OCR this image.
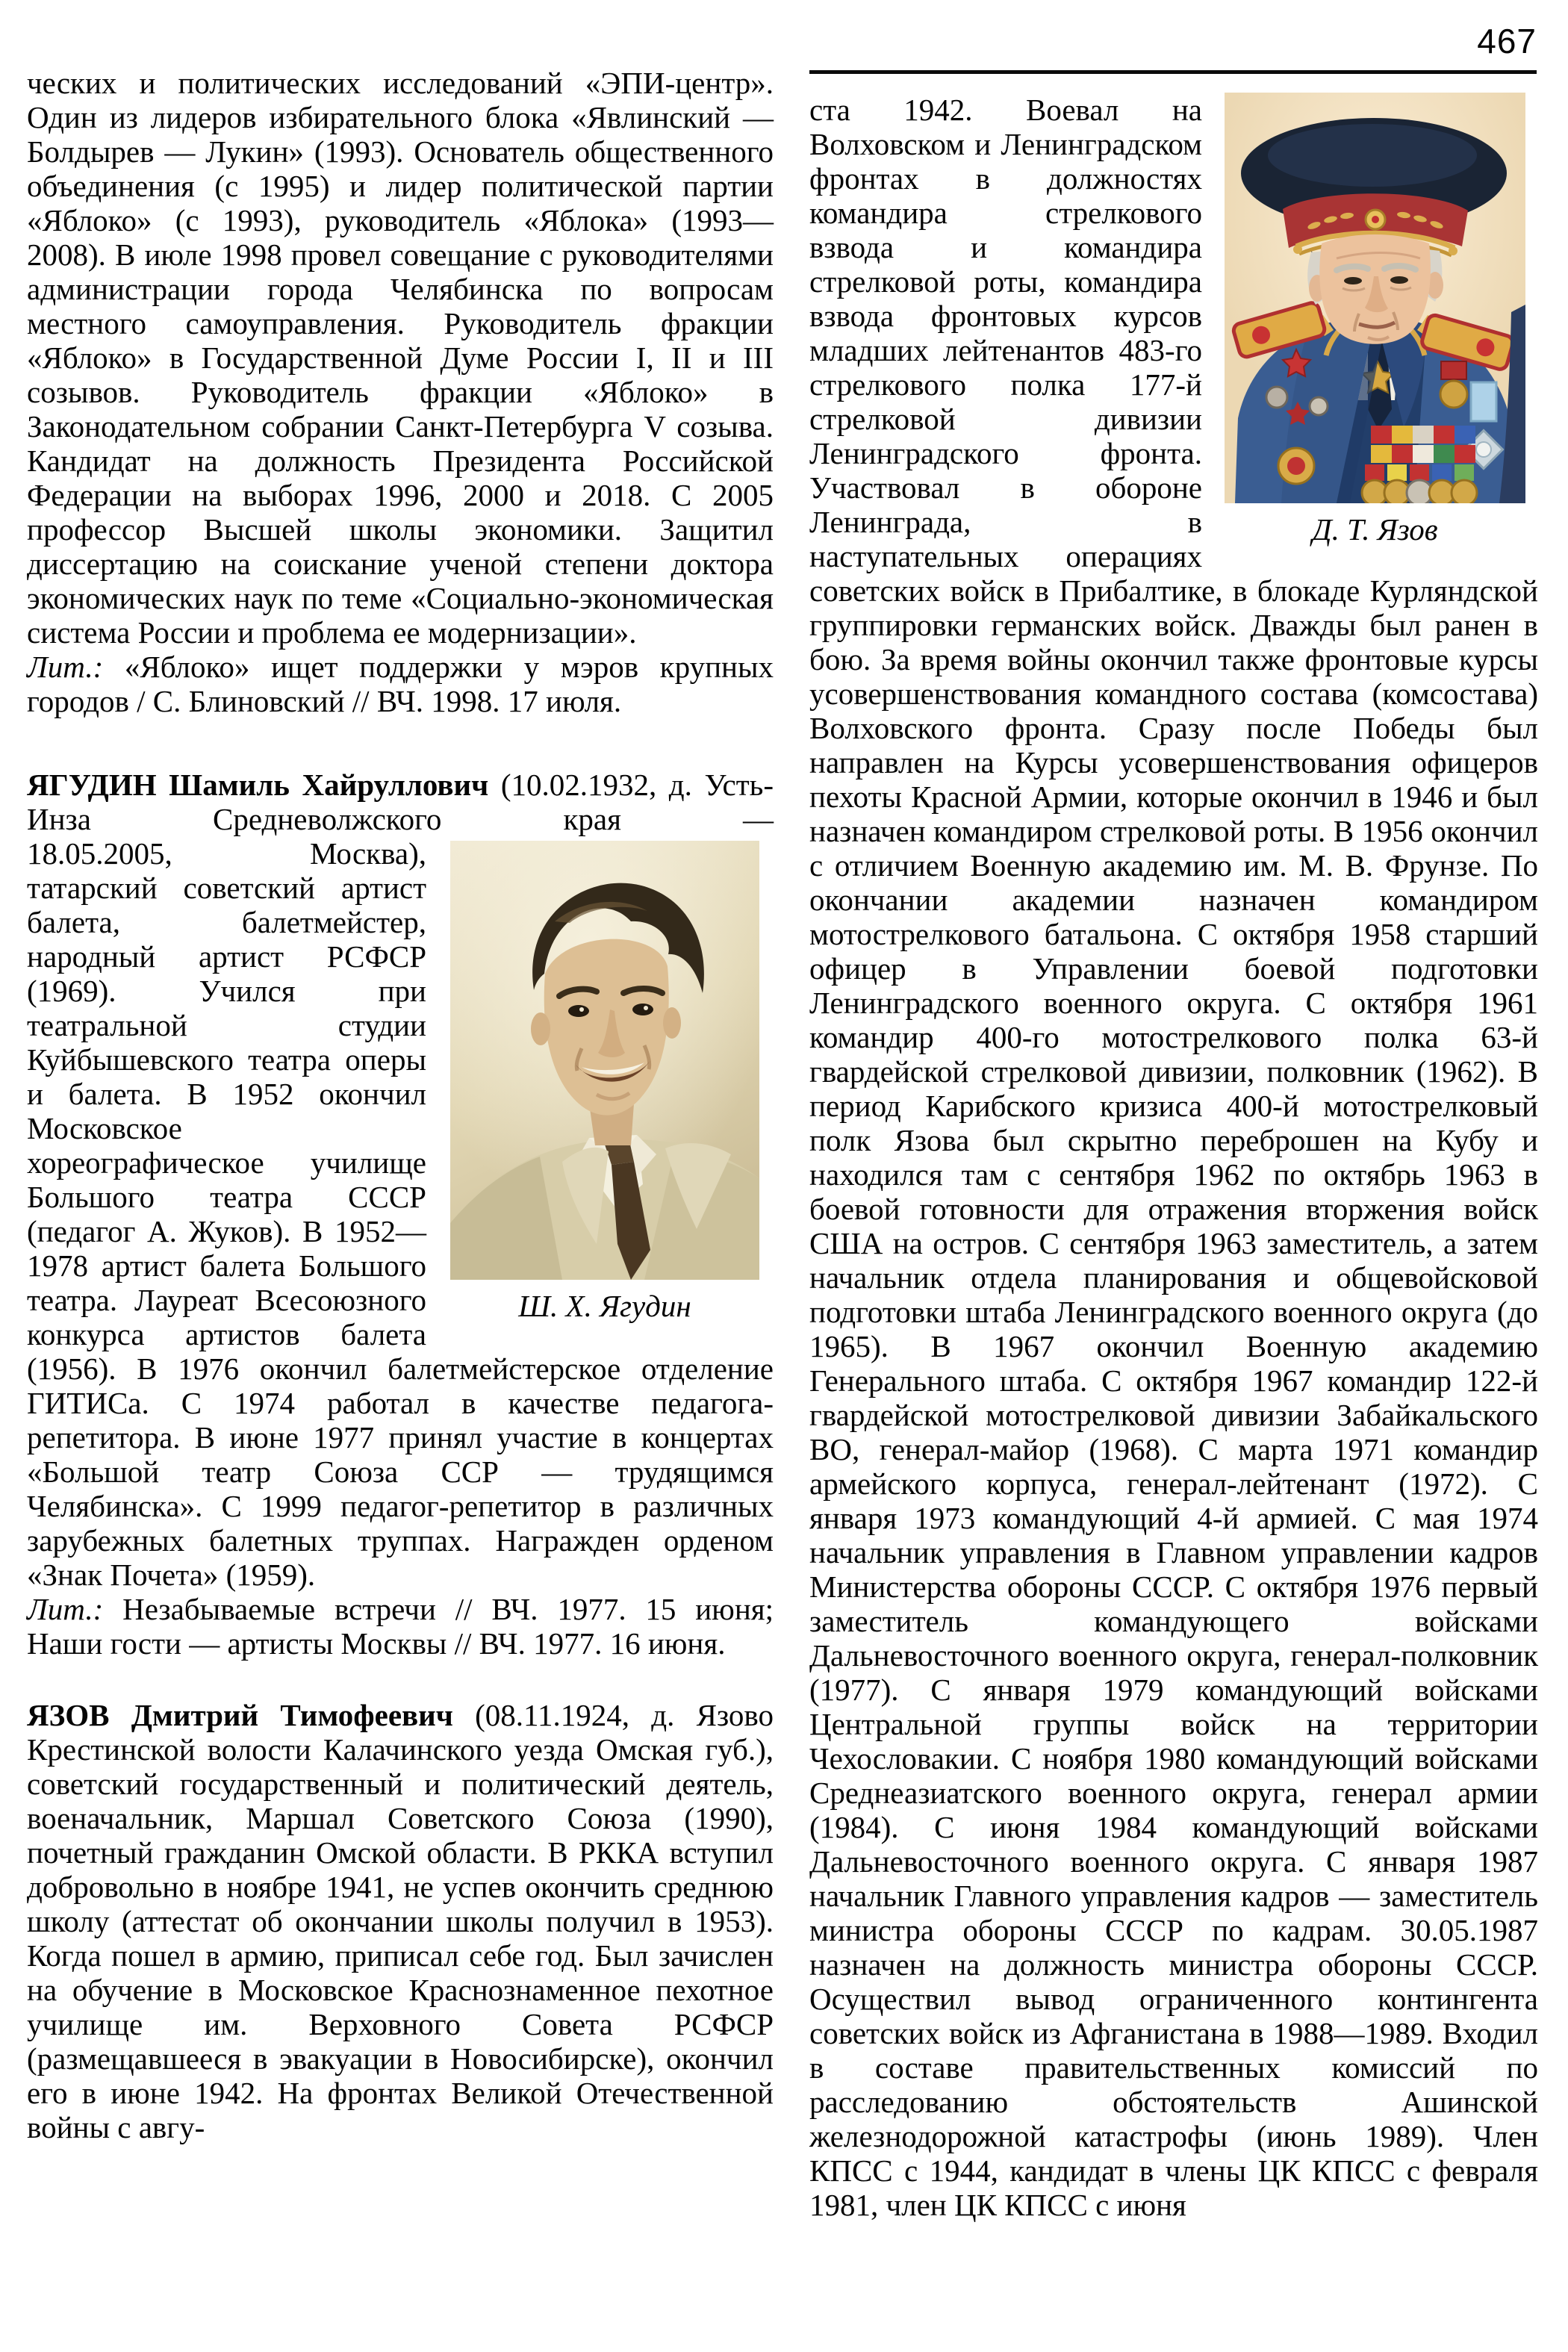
467

ческих и политических исследований «ЭПИ-центр». Один из лидеров избирательного блока «Явлинский — Болдырев — Лукин» (1993). Основатель общественного объединения (с 1995) и лидер политической партии «Яблоко» (с 1993), руководитель «Яблока» (1993—2008). В июле 1998 провел совещание с руководителями администрации города Челябинска по вопросам местного самоуправления. Руководитель фракции «Яблоко» в Государственной Думе России I, II и III созывов. Руководитель фракции «Яблоко» в Законодательном собрании Санкт-Петербурга V созыва. Кандидат на должность Президента Российской Федерации на выборах 1996, 2000 и 2018. С 2005 профессор Высшей школы экономики. Защитил диссертацию на соискание ученой степени доктора экономических наук по теме «Социально-экономическая система России и проблема ее модернизации».

Лит.: «Яблоко» ищет поддержки у мэров крупных городов / С. Блиновский // ВЧ. 1998. 17 июля.

ЯГУДИН Шамиль Хайруллович (10.02.1932, д. Усть-Инза Средневолжского края —

Ш. Х. Ягудин
18.05.2005, Москва), татарский советский артист балета, балетмейстер, народный артист РСФСР (1969). Учился при театральной студии Куйбышевского театра оперы и балета. В 1952 окончил Московское хореографическое училище Большого театра СССР (педагог А. Жуков). В 1952—1978 артист балета Большого театра. Лауреат Всесоюзного конкурса артистов балета (1956). В 1976 окончил балетмейстерское отделение ГИТИСа. С 1974 работал в качестве педагога-репетитора. В июне 1977 принял участие в концертах «Большой театр Союза ССР — трудящимся Челябинска». С 1999 педагог-репетитор в различных зарубежных балетных труппах. Награжден орденом «Знак Почета» (1959).

Лит.: Незабываемые встречи // ВЧ. 1977. 15 июня; Наши гости — артисты Москвы // ВЧ. 1977. 16 июня.

ЯЗОВ Дмитрий Тимофеевич (08.11.1924, д. Язово Крестинской волости Калачинского уезда Омская губ.), советский государственный и политический деятель, военачальник, Маршал Советского Союза (1990), почетный гражданин Омской области. В РККА вступил добровольно в ноябре 1941, не успев окончить среднюю школу (аттестат об окончании школы получил в 1953). Когда пошел в армию, приписал себе год. Был зачислен на обучение в Московское Краснознаменное пехотное училище им. Верховного Совета РСФСР (размещавшееся в эвакуации в Новосибирске), окончил его в июне 1942. На фронтах Великой Отечественной войны с авгу-

Д. Т. Язов
ста 1942. Воевал на Волховском и Ленинградском фронтах в должностях командира стрелкового взвода и командира стрелковой роты, командира взвода фронтовых курсов младших лейтенантов 483-го стрелкового полка 177-й стрелковой дивизии Ленинградского фронта. Участвовал в обороне Ленинграда, в наступательных операциях советских войск в Прибалтике, в блокаде Курляндской группировки германских войск. Дважды был ранен в бою. За время войны окончил также фронтовые курсы усовершенствования командного состава (комсостава) Волховского фронта. Сразу после Победы был направлен на Курсы усовершенствования офицеров пехоты Красной Армии, которые окончил в 1946 и был назначен командиром стрелковой роты. В 1956 окончил с отличием Военную академию им. М. В. Фрунзе. По окончании академии назначен командиром мотострелкового батальона. С октября 1958 старший офицер в Управлении боевой подготовки Ленинградского военного округа. С октября 1961 командир 400-го мотострелкового полка 63-й гвардейской стрелковой дивизии, полковник (1962). В период Карибского кризиса 400-й мотострелковый полк Язова был скрытно переброшен на Кубу и находился там с сентября 1962 по октябрь 1963 в боевой готовности для отражения вторжения войск США на остров. С сентября 1963 заместитель, а затем начальник отдела планирования и общевойсковой подготовки штаба Ленинградского военного округа (до 1965). В 1967 окончил Военную академию Генерального штаба. С октября 1967 командир 122-й гвардейской мотострелковой дивизии Забайкальского ВО, генерал-майор (1968). С марта 1971 командир армейского корпуса, генерал-лейтенант (1972). С января 1973 командующий 4-й армией. С мая 1974 начальник управления в Главном управлении кадров Министерства обороны СССР. С октября 1976 первый заместитель командующего войсками Дальневосточного военного округа, генерал-полковник (1977). С января 1979 командующий войсками Центральной группы войск на территории Чехословакии. С ноября 1980 командующий войсками Среднеазиатского военного округа, генерал армии (1984). С июня 1984 командующий войсками Дальневосточного военного округа. С января 1987 начальник Главного управления кадров — заместитель министра обороны СССР по кадрам. 30.05.1987 назначен на должность министра обороны СССР. Осуществил вывод ограниченного контингента советских войск из Афганистана в 1988—1989. Входил в составе правительственных комиссий по расследованию обстоятельств Ашинской железнодорожной катастрофы (июнь 1989). Член КПСС с 1944, кандидат в члены ЦК КПСС с февраля 1981, член ЦК КПСС с июня
